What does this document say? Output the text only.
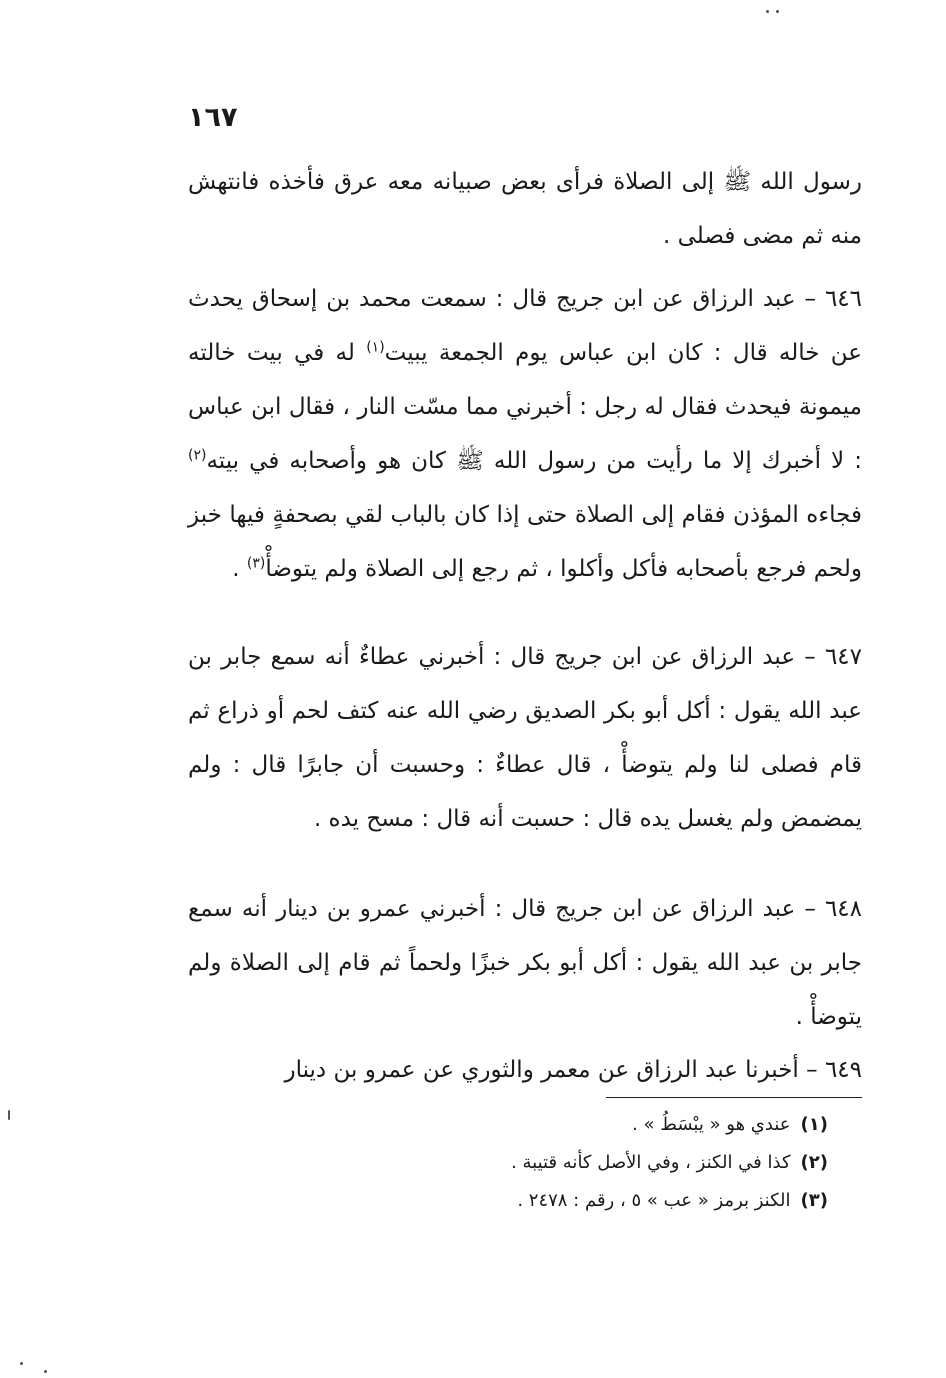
١٦٧
رسول الله ﷺ إلى الصلاة فرأى بعض صبيانه معه عرق فأخذه فانتهش منه ثم مضى فصلى .
٦٤٦ – عبد الرزاق عن ابن جريج قال : سمعت محمد بن إسحاق يحدث عن خاله قال : كان ابن عباس يوم الجمعة يبيت$^{(١)}$ له في بيت خالته ميمونة فيحدث فقال له رجل : أخبرني مما مسّت النار ، فقال ابن عباس : لا أخبرك إلا ما رأيت من رسول الله ﷺ كان هو وأصحابه في بيته$^{(٢)}$ فجاءه المؤذن فقام إلى الصلاة حتى إذا كان بالباب لقي بصحفةٍ فيها خبز ولحم فرجع بأصحابه فأكل وأكلوا ، ثم رجع إلى الصلاة ولم يتوضأْ$^{(٣)}$ .
٦٤٧ – عبد الرزاق عن ابن جريج قال : أخبرني عطاءٌ أنه سمع جابر بن عبد الله يقول : أكل أبو بكر الصديق رضي الله عنه كتف لحم أو ذراع ثم قام فصلى لنا ولم يتوضأْ ، قال عطاءٌ : وحسبت أن جابرًا قال : ولم يمضمض ولم يغسل يده قال : حسبت أنه قال : مسح يده .
٦٤٨ – عبد الرزاق عن ابن جريج قال : أخبرني عمرو بن دينار أنه سمع جابر بن عبد الله يقول : أكل أبو بكر خبزًا ولحماً ثم قام إلى الصلاة ولم يتوضأْ .
٦٤٩ – أخبرنا عبد الرزاق عن معمر والثوري عن عمرو بن دينار
(١)عندي هو « يبْسَطُ » .
(٢)كذا في الكنز ، وفي الأصل كأنه قتيبة .
(٣)الكنز برمز « عب » ٥ ، رقم : ٢٤٧٨ .
